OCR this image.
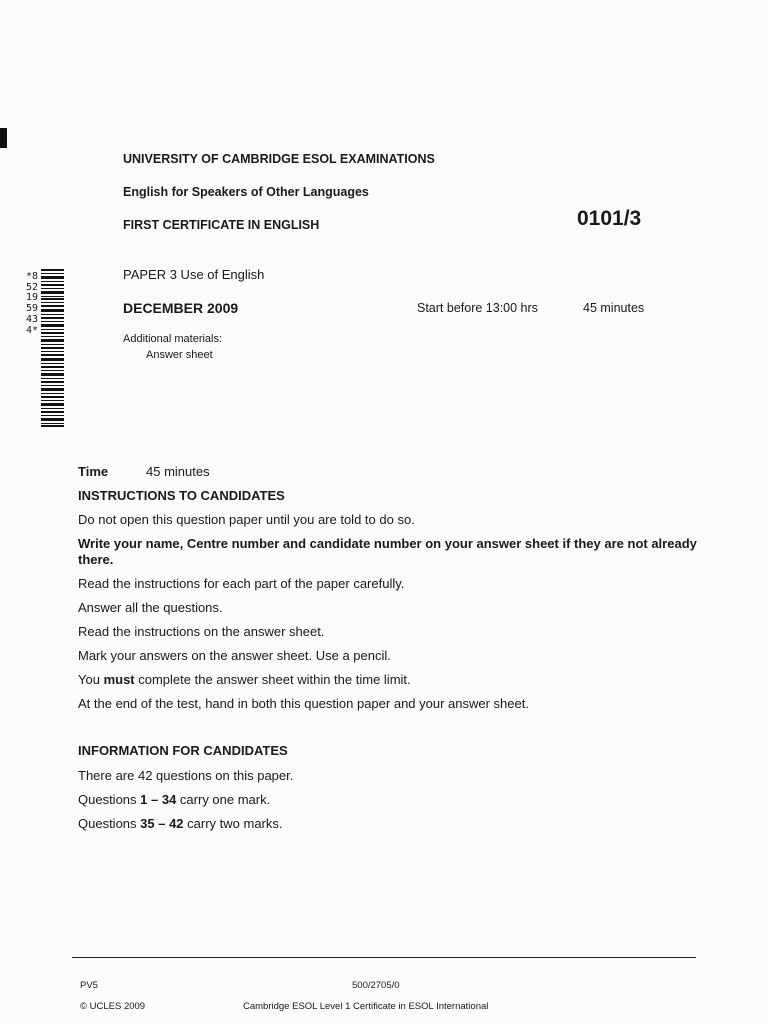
UNIVERSITY OF CAMBRIDGE ESOL EXAMINATIONS
English for Speakers of Other Languages
FIRST CERTIFICATE IN ENGLISH	0101/3
PAPER 3 Use of English
DECEMBER 2009	Start before 13:00 hrs	45 minutes
Additional materials:
Answer sheet
*8521959434*
Time	45 minutes
INSTRUCTIONS TO CANDIDATES
Do not open this question paper until you are told to do so.
Write your name, Centre number and candidate number on your answer sheet if they are not already there.
Read the instructions for each part of the paper carefully.
Answer all the questions.
Read the instructions on the answer sheet.
Mark your answers on the answer sheet. Use a pencil.
You must complete the answer sheet within the time limit.
At the end of the test, hand in both this question paper and your answer sheet.
INFORMATION FOR CANDIDATES
There are 42 questions on this paper.
Questions 1 – 34 carry one mark.
Questions 35 – 42 carry two marks.
PV5
© UCLES 2009
500/2705/0
Cambridge ESOL Level 1 Certificate in ESOL International
